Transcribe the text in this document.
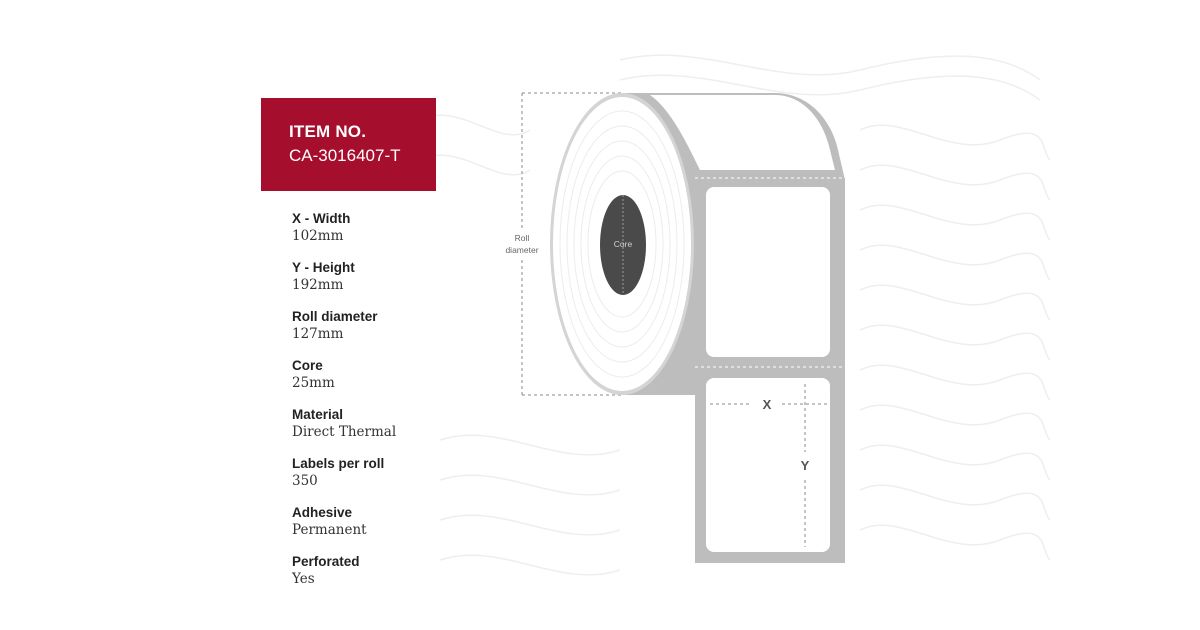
ITEM NO.
CA-3016407-T
X - Width
102mm
Y - Height
192mm
Roll diameter
127mm
Core
25mm
Material
Direct Thermal
Labels per roll
350
Adhesive
Permanent
Perforated
Yes
Roll
diameter
Core
X
Y
